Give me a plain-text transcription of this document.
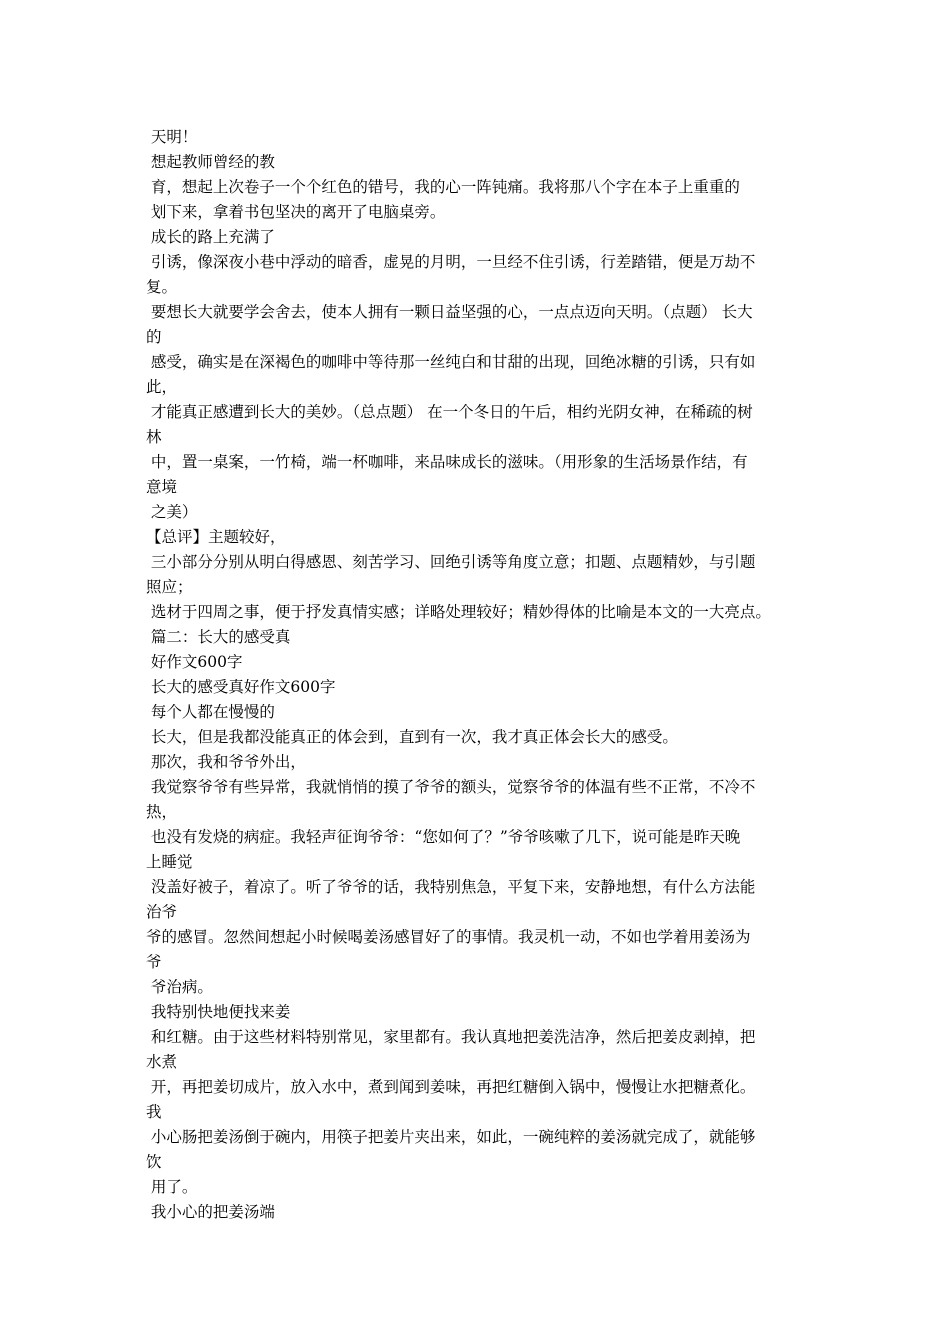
天明！
想起教师曾经的教
育，想起上次卷子一个个红色的错号，我的心一阵钝痛。我将那八个字在本子上重重的
划下来，拿着书包坚决的离开了电脑桌旁。
成长的路上充满了
引诱，像深夜小巷中浮动的暗香，虚晃的月明，一旦经不住引诱，行差踏错，便是万劫不
复。
要想长大就要学会舍去，使本人拥有一颗日益坚强的心，一点点迈向天明。（点题） 长大
的
感受，确实是在深褐色的咖啡中等待那一丝纯白和甘甜的出现，回绝冰糖的引诱，只有如
此，
才能真正感遭到长大的美妙。（总点题） 在一个冬日的午后，相约光阴女神，在稀疏的树
林
中，置一桌案，一竹椅，端一杯咖啡，来品味成长的滋味。（用形象的生活场景作结，有
意境
之美）
【总评】主题较好，
三小部分分别从明白得感恩、刻苦学习、回绝引诱等角度立意；扣题、点题精妙，与引题
照应；
选材于四周之事，便于抒发真情实感；详略处理较好；精妙得体的比喻是本文的一大亮点。
篇二：长大的感受真
好作文600字
长大的感受真好作文600字
每个人都在慢慢的
长大，但是我都没能真正的体会到，直到有一次，我才真正体会长大的感受。
那次，我和爷爷外出，
我觉察爷爷有些异常，我就悄悄的摸了爷爷的额头，觉察爷爷的体温有些不正常，不冷不
热，
也没有发烧的病症。我轻声征询爷爷：“您如何了？”爷爷咳嗽了几下，说可能是昨天晚
上睡觉
没盖好被子，着凉了。听了爷爷的话，我特别焦急，平复下来，安静地想，有什么方法能
治爷
爷的感冒。忽然间想起小时候喝姜汤感冒好了的事情。我灵机一动，不如也学着用姜汤为
爷
爷治病。
我特别快地便找来姜
和红糖。由于这些材料特别常见，家里都有。我认真地把姜洗洁净，然后把姜皮剥掉，把
水煮
开，再把姜切成片，放入水中，煮到闻到姜味，再把红糖倒入锅中，慢慢让水把糖煮化。
我
小心肠把姜汤倒于碗内，用筷子把姜片夹出来，如此，一碗纯粹的姜汤就完成了，就能够
饮
用了。
我小心的把姜汤端
